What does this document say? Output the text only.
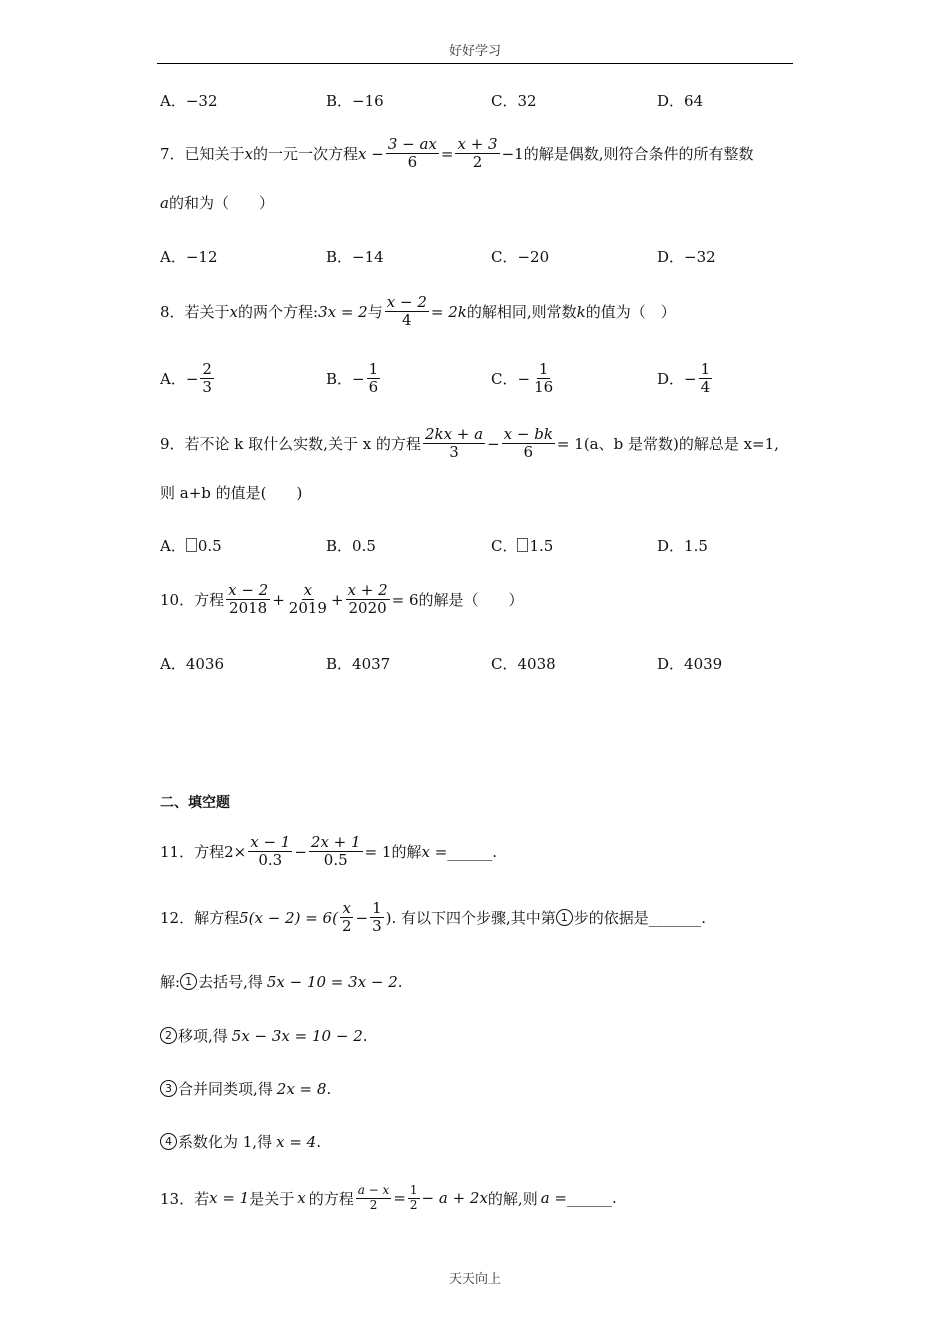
好好学习
A．−32	B．−16	C．32	D．64
7．已知关于 x 的一元一次方程 $x - \frac{3 - ax}{6} = \frac{x + 3}{2} -1$ 的解是偶数,则符合条件的所有整数
a的和为（　　）
A．−12	B．−14	C．−20	D．−32
8．若关于 x 的两个方程: 3x = 2 与 $\frac{x - 2}{4} = 2k$ 的解相同,则常数 k 的值为（　）
A． − $\frac{2}{3}$	B． − $\frac{1}{6}$	C． − $\frac{1}{16}$	D． − $\frac{1}{4}$
9．若不论 k 取什么实数,关于 x 的方程 $\frac{2kx + a}{3} - \frac{x - bk}{6} = 1$ (a、b 是常数)的解总是 x=1,
则 a+b 的值是(　　)
A． 0.5	B．0.5	C． 1.5	D．1.5
10．方程 $\frac{x - 2}{2018} + \frac{x}{2019} + \frac{x + 2}{2020} = 6$ 的解是（　　）
A．4036	B．4037	C．4038	D．4039
二、填空题
11．方程 $2\times \frac{x - 1}{0.3} - \frac{2x + 1}{0.5} = 1$ 的解 x = ______.
12．解方程 $5(x - 2) = 6( \frac{x}{2} - \frac{1}{3}$ ) . 有以下四个步骤,其中第 1 步的依据是_______.
解: 1 去括号,得 5x − 10 = 3x − 2 .
2 移项,得 5x − 3x = 10 − 2 .
3 合并同类项,得 2x = 8 .
4 系数化为 1,得 x = 4 .
13．若 x = 1 是关于 x 的方程 $\frac{a - x}{2} = \frac{1}{2} - a + 2x$ 的解,则 a = ______.
天天向上
